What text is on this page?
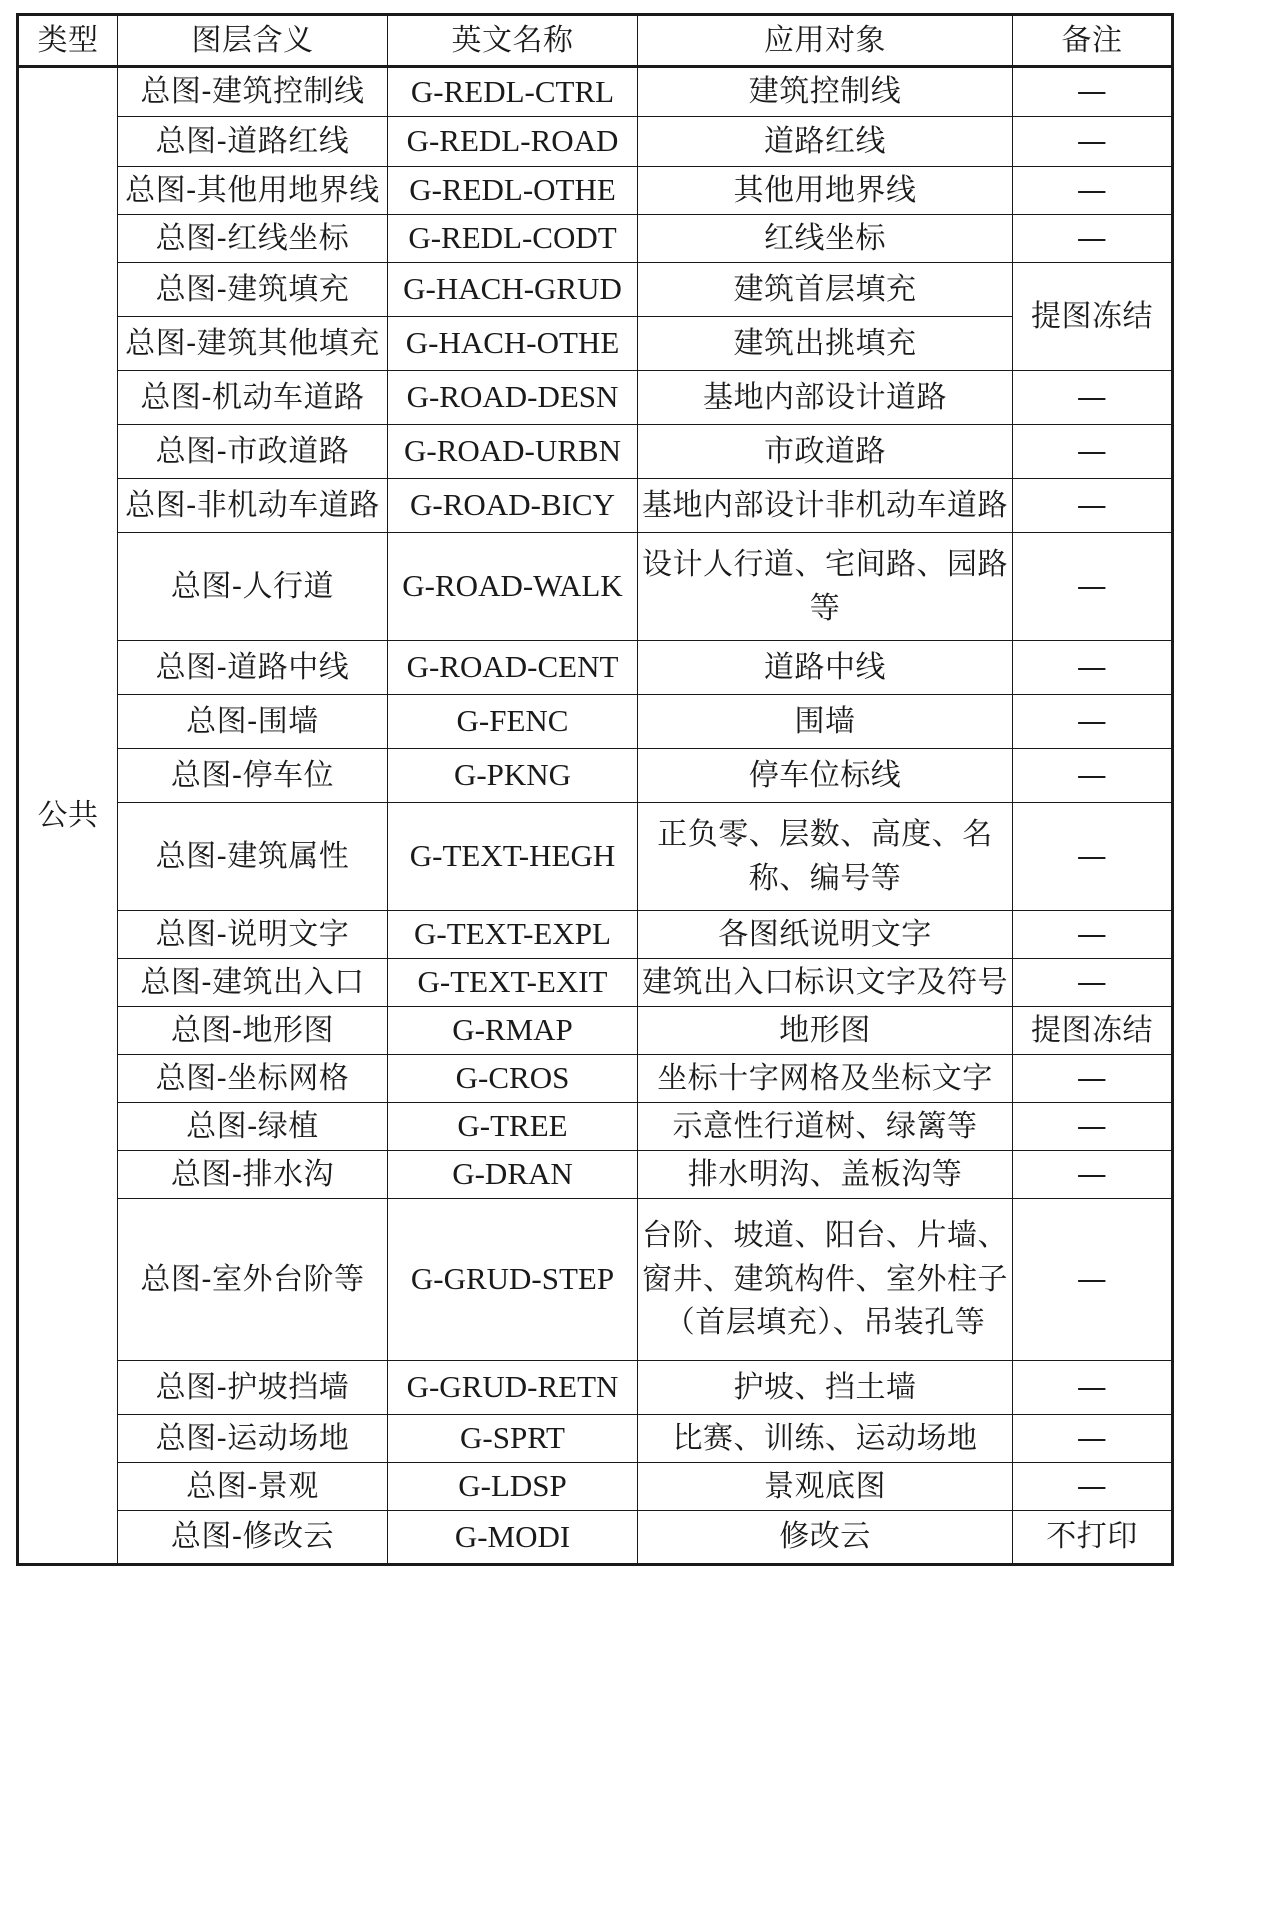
类型	图层含义	英文名称	应用对象	备注
公共	总图-建筑控制线	G-REDL-CTRL	建筑控制线	—
	总图-道路红线	G-REDL-ROAD	道路红线	—
	总图-其他用地界线	G-REDL-OTHE	其他用地界线	—
	总图-红线坐标	G-REDL-CODT	红线坐标	—
	总图-建筑填充	G-HACH-GRUD	建筑首层填充	提图冻结
	总图-建筑其他填充	G-HACH-OTHE	建筑出挑填充	
	总图-机动车道路	G-ROAD-DESN	基地内部设计道路	—
	总图-市政道路	G-ROAD-URBN	市政道路	—
	总图-非机动车道路	G-ROAD-BICY	基地内部设计非机动车道路	—
	总图-人行道	G-ROAD-WALK	设计人行道、宅间路、园路等	—
	总图-道路中线	G-ROAD-CENT	道路中线	—
	总图-围墙	G-FENC	围墙	—
	总图-停车位	G-PKNG	停车位标线	—
	总图-建筑属性	G-TEXT-HEGH	正负零、层数、高度、名称、编号等	—
	总图-说明文字	G-TEXT-EXPL	各图纸说明文字	—
	总图-建筑出入口	G-TEXT-EXIT	建筑出入口标识文字及符号	—
	总图-地形图	G-RMAP	地形图	提图冻结
	总图-坐标网格	G-CROS	坐标十字网格及坐标文字	—
	总图-绿植	G-TREE	示意性行道树、绿篱等	—
	总图-排水沟	G-DRAN	排水明沟、盖板沟等	—
	总图-室外台阶等	G-GRUD-STEP	台阶、坡道、阳台、片墙、窗井、建筑构件、室外柱子（首层填充）、吊装孔等	—
	总图-护坡挡墙	G-GRUD-RETN	护坡、挡土墙	—
	总图-运动场地	G-SPRT	比赛、训练、运动场地	—
	总图-景观	G-LDSP	景观底图	—
	总图-修改云	G-MODI	修改云	不打印
